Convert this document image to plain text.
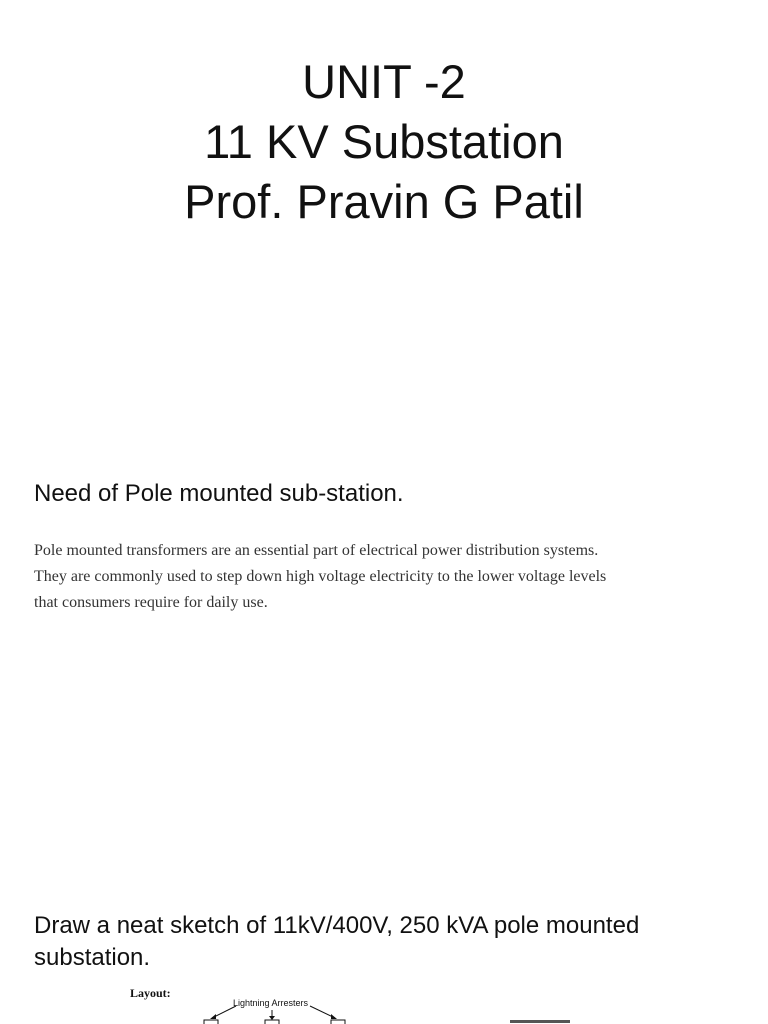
UNIT -2
11 KV Substation
Prof. Pravin G Patil
Need of Pole mounted sub-station.
Pole mounted transformers are an essential part of electrical power distribution systems.
They are commonly used to step down high voltage electricity to the lower voltage levels
that consumers require for daily use.
Draw a neat sketch of 11kV/400V, 250 kVA pole mounted substation.
Layout:
Lightning Arresters
